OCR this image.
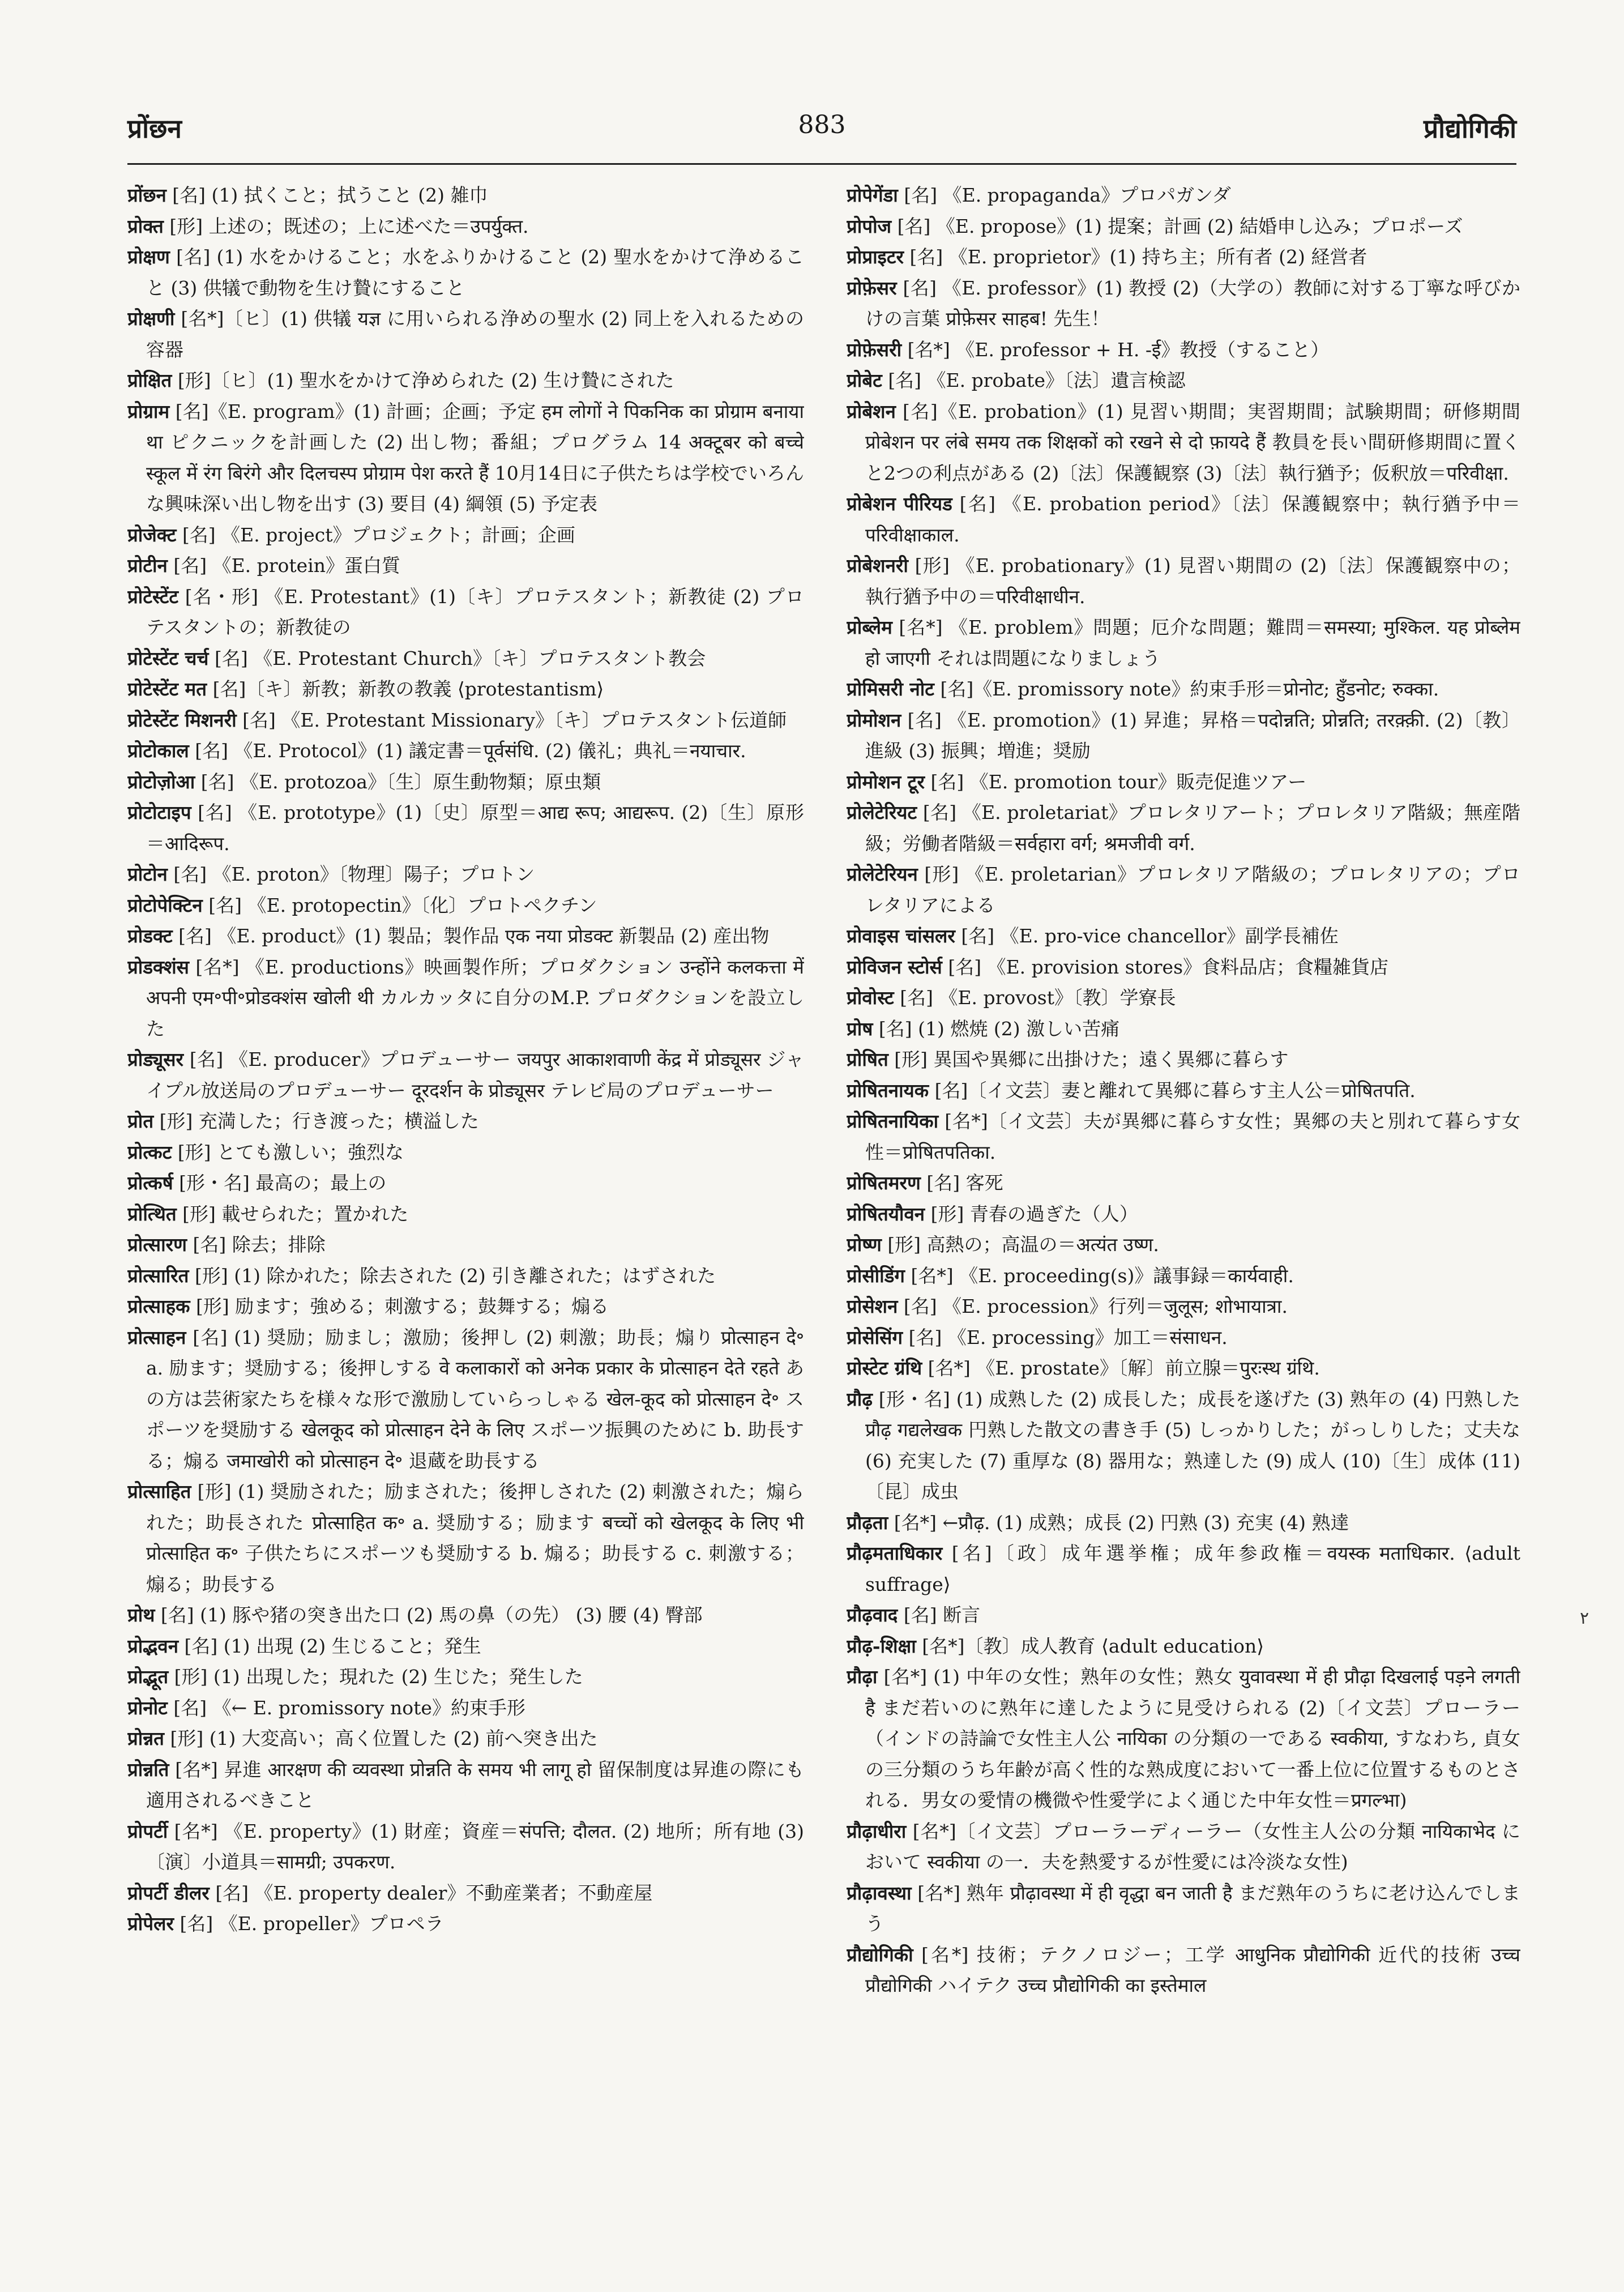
प्रोंछन	883	प्रौद्योगिकी

प्रोंछन [名] (1) 拭くこと；拭うこと (2) 雑巾

प्रोक्त [形] 上述の；既述の；上に述べた＝उपर्युक्त.

प्रोक्षण [名] (1) 水をかけること；水をふりかけること (2) 聖水をかけて浄めること (3) 供犠で動物を生け贄にすること

प्रोक्षणी [名*]〔ヒ〕(1) 供犠 यज्ञ に用いられる浄めの聖水 (2) 同上を入れるための容器

प्रोक्षित [形]〔ヒ〕(1) 聖水をかけて浄められた (2) 生け贄にされた

प्रोग्राम [名]《E. program》(1) 計画；企画；予定 हम लोगों ने पिकनिक का प्रोग्राम बनाया था ピクニックを計画した (2) 出し物；番組；プログラム 14 अक्टूबर को बच्चे स्कूल में रंग बिरंगे और दिलचस्प प्रोग्राम पेश करते हैं 10月14日に子供たちは学校でいろんな興味深い出し物を出す (3) 要目 (4) 綱領 (5) 予定表

प्रोजेक्ट [名] 《E. project》プロジェクト；計画；企画

प्रोटीन [名] 《E. protein》蛋白質

प्रोटेस्टेंट [名・形] 《E. Protestant》(1)〔キ〕プロテスタント；新教徒 (2) プロテスタントの；新教徒の

प्रोटेस्टेंट चर्च [名] 《E. Protestant Church》〔キ〕プロテスタント教会

प्रोटेस्टेंट मत [名]〔キ〕新教；新教の教義 ⟨protestantism⟩

प्रोटेस्टेंट मिशनरी [名] 《E. Protestant Missionary》〔キ〕プロテスタント伝道師

प्रोटोकाल [名] 《E. Protocol》(1) 議定書＝पूर्वसंधि. (2) 儀礼；典礼＝नयाचार.

प्रोटोज़ोआ [名] 《E. protozoa》〔生〕原生動物類；原虫類

प्रोटोटाइप [名] 《E. prototype》(1)〔史〕原型＝आद्य रूप; आद्यरूप. (2)〔生〕原形＝आदिरूप.

प्रोटोन [名] 《E. proton》〔物理〕陽子；プロトン

प्रोटोपेक्टिन [名] 《E. protopectin》〔化〕プロトペクチン

प्रोडक्ट [名] 《E. product》(1) 製品；製作品 एक नया प्रोडक्ट 新製品 (2) 産出物

प्रोडक्शंस [名*] 《E. productions》映画製作所；プロダクション उन्होंने कलकत्ता में अपनी एम॰पी॰प्रोडक्शंस खोली थी カルカッタに自分のM.P. プロダクションを設立した

प्रोड्यूसर [名] 《E. producer》プロデューサー जयपुर आकाशवाणी केंद्र में प्रोड्यूसर ジャイプル放送局のプロデューサー दूरदर्शन के प्रोड्यूसर テレビ局のプロデューサー

प्रोत [形] 充満した；行き渡った；横溢した

प्रोत्कट [形] とても激しい；強烈な

प्रोत्कर्ष [形・名] 最高の；最上の

प्रोत्थित [形] 載せられた；置かれた

प्रोत्सारण [名] 除去；排除

प्रोत्सारित [形] (1) 除かれた；除去された (2) 引き離された；はずされた

प्रोत्साहक [形] 励ます；強める；刺激する；鼓舞する；煽る

प्रोत्साहन [名] (1) 奨励；励まし；激励；後押し (2) 刺激；助長；煽り प्रोत्साहन दे॰ a. 励ます；奨励する；後押しする वे कलाकारों को अनेक प्रकार के प्रोत्साहन देते रहते あの方は芸術家たちを様々な形で激励していらっしゃる खेल-कूद को प्रोत्साहन दे॰ スポーツを奨励する खेलकूद को प्रोत्साहन देने के लिए スポーツ振興のために b. 助長する；煽る जमाखोरी को प्रोत्साहन दे॰ 退蔵を助長する

प्रोत्साहित [形] (1) 奨励された；励まされた；後押しされた (2) 刺激された；煽られた；助長された प्रोत्साहित क॰ a. 奨励する；励ます बच्चों को खेलकूद के लिए भी प्रोत्साहित क॰ 子供たちにスポーツも奨励する b. 煽る；助長する c. 刺激する；煽る；助長する

प्रोथ [名] (1) 豚や猪の突き出た口 (2) 馬の鼻（の先） (3) 腰 (4) 臀部

प्रोद्भवन [名] (1) 出現 (2) 生じること；発生

प्रोद्भूत [形] (1) 出現した；現れた (2) 生じた；発生した

प्रोनोट [名] 《← E. promissory note》約束手形

प्रोन्नत [形] (1) 大変高い；高く位置した (2) 前へ突き出た

प्रोन्नति [名*] 昇進 आरक्षण की व्यवस्था प्रोन्नति के समय भी लागू हो 留保制度は昇進の際にも適用されるべきこと

प्रोपर्टी [名*] 《E. property》(1) 財産；資産＝संपत्ति; दौलत. (2) 地所；所有地 (3)〔演〕小道具＝सामग्री; उपकरण.

प्रोपर्टी डीलर [名] 《E. property dealer》不動産業者；不動産屋

प्रोपेलर [名] 《E. propeller》プロペラ

प्रोपेगेंडा [名] 《E. propaganda》プロパガンダ

प्रोपोज [名] 《E. propose》(1) 提案；計画 (2) 結婚申し込み；プロポーズ

प्रोप्राइटर [名] 《E. proprietor》(1) 持ち主；所有者 (2) 経営者

प्रोफ़ेसर [名] 《E. professor》(1) 教授 (2)（大学の）教師に対する丁寧な呼びかけの言葉 प्रोफ़ेसर साहब! 先生！

प्रोफ़ेसरी [名*] 《E. professor + H. -ई》教授（すること）

प्रोबेट [名] 《E. probate》〔法〕遺言検認

प्रोबेशन [名]《E. probation》(1) 見習い期間；実習期間；試験期間；研修期間 प्रोबेशन पर लंबे समय तक शिक्षकों को रखने से दो फ़ायदे हैं 教員を長い間研修期間に置くと2つの利点がある (2)〔法〕保護観察 (3)〔法〕執行猶予；仮釈放＝परिवीक्षा.

प्रोबेशन पीरियड [名] 《E. probation period》〔法〕保護観察中；執行猶予中＝परिवीक्षाकाल.

प्रोबेशनरी [形] 《E. probationary》(1) 見習い期間の (2)〔法〕保護観察中の；執行猶予中の＝परिवीक्षाधीन.

प्रोब्लेम [名*] 《E. problem》問題；厄介な問題；難問＝समस्या; मुश्किल. यह प्रोब्लेम हो जाएगी それは問題になりましょう

प्रोमिसरी नोट [名]《E. promissory note》約束手形＝प्रोनोट; हुँडनोट; रुक्का.

प्रोमोशन [名] 《E. promotion》(1) 昇進；昇格＝पदोन्नति; प्रोन्नति; तरक़्क़ी. (2)〔教〕進級 (3) 振興；増進；奨励

प्रोमोशन टूर [名] 《E. promotion tour》販売促進ツアー

प्रोलेटेरियट [名] 《E. proletariat》プロレタリアート；プロレタリア階級；無産階級；労働者階級＝सर्वहारा वर्ग; श्रमजीवी वर्ग.

प्रोलेटेरियन [形] 《E. proletarian》プロレタリア階級の；プロレタリアの；プロレタリアによる

प्रोवाइस चांसलर [名] 《E. pro-vice chancellor》副学長補佐

प्रोविजन स्टोर्स [名] 《E. provision stores》食料品店；食糧雑貨店

प्रोवोस्ट [名] 《E. provost》〔教〕学寮長

प्रोष [名] (1) 燃焼 (2) 激しい苦痛

प्रोषित [形] 異国や異郷に出掛けた；遠く異郷に暮らす

प्रोषितनायक [名]〔イ文芸〕妻と離れて異郷に暮らす主人公＝प्रोषितपति.

प्रोषितनायिका [名*]〔イ文芸〕夫が異郷に暮らす女性；異郷の夫と別れて暮らす女性＝प्रोषितपतिका.

प्रोषितमरण [名] 客死

प्रोषितयौवन [形] 青春の過ぎた（人）

प्रोष्ण [形] 高熱の；高温の＝अत्यंत उष्ण.

प्रोसीडिंग [名*] 《E. proceeding(s)》議事録＝कार्यवाही.

प्रोसेशन [名] 《E. procession》行列＝जुलूस; शोभायात्रा.

प्रोसेसिंग [名] 《E. processing》加工＝संसाधन.

प्रोस्टेट ग्रंथि [名*] 《E. prostate》〔解〕前立腺＝पुरःस्थ ग्रंथि.

प्रौढ़ [形・名] (1) 成熟した (2) 成長した；成長を遂げた (3) 熟年の (4) 円熟した प्रौढ़ गद्यलेखक 円熟した散文の書き手 (5) しっかりした；がっしりした；丈夫な (6) 充実した (7) 重厚な (8) 器用な；熟達した (9) 成人 (10)〔生〕成体 (11)〔昆〕成虫

प्रौढ़ता [名*] ←प्रौढ़. (1) 成熟；成長 (2) 円熟 (3) 充実 (4) 熟達

प्रौढ़मताधिकार [名]〔政〕成年選挙権；成年参政権＝वयस्क मताधिकार. ⟨adult suffrage⟩

प्रौढ़वाद [名] 断言

प्रौढ़-शिक्षा [名*]〔教〕成人教育 ⟨adult education⟩

प्रौढ़ा [名*] (1) 中年の女性；熟年の女性；熟女 युवावस्था में ही प्रौढ़ा दिखलाई पड़ने लगती है まだ若いのに熟年に達したように見受けられる (2)〔イ文芸〕プローラー（インドの詩論で女性主人公 नायिका の分類の一である स्वकीया, すなわち, 貞女の三分類のうち年齢が高く性的な熟成度において一番上位に位置するものとされる．男女の愛情の機微や性愛学によく通じた中年女性＝प्रगल्भा)

प्रौढ़ाधीरा [名*]〔イ文芸〕プローラーディーラー（女性主人公の分類 नायिकाभेद において स्वकीया の一．夫を熱愛するが性愛には冷淡な女性)

प्रौढ़ावस्था [名*] 熟年 प्रौढ़ावस्था में ही वृद्धा बन जाती है まだ熟年のうちに老け込んでしまう

प्रौद्योगिकी [名*] 技術；テクノロジー；工学 आधुनिक प्रौद्योगिकी 近代的技術 उच्च प्रौद्योगिकी ハイテク उच्च प्रौद्योगिकी का इस्तेमाल

٢
